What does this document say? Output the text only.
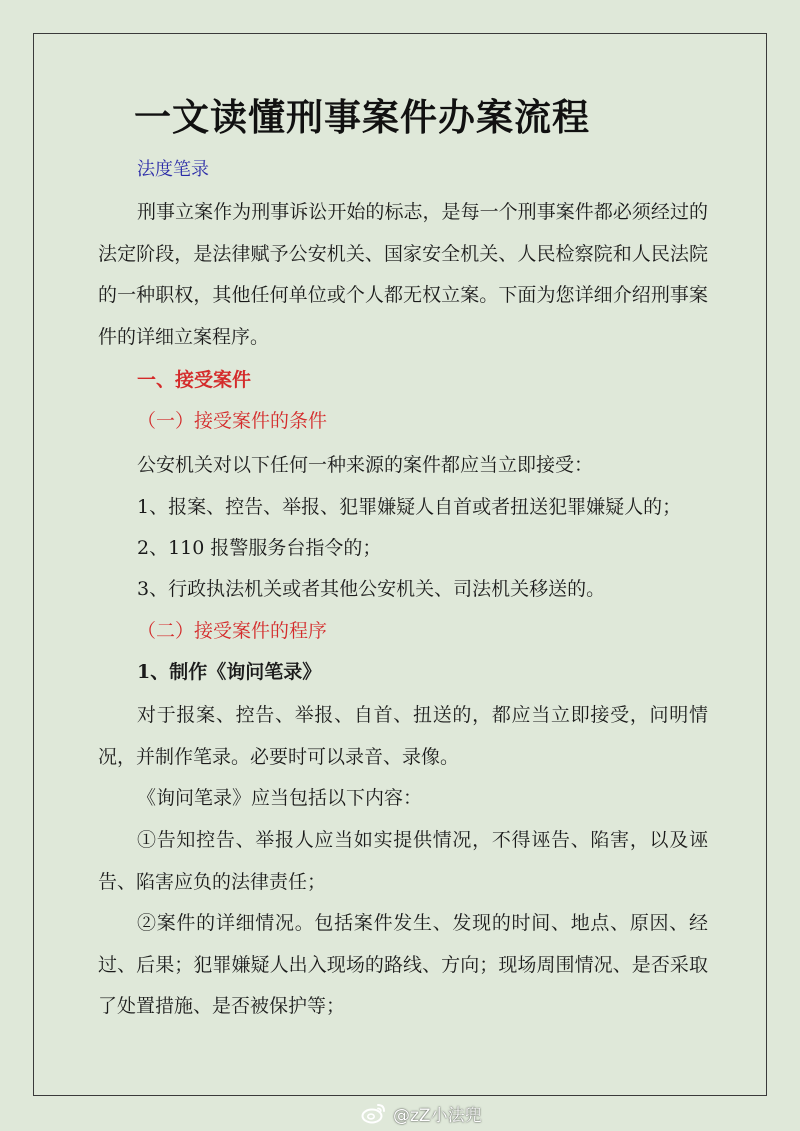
一文读懂刑事案件办案流程
法度笔录

刑事立案作为刑事诉讼开始的标志，是每一个刑事案件都必须经过的法定阶段，是法律赋予公安机关、国家安全机关、人民检察院和人民法院的一种职权，其他任何单位或个人都无权立案。下面为您详细介绍刑事案件的详细立案程序。

一、接受案件
（一）接受案件的条件
公安机关对以下任何一种来源的案件都应当立即接受：
1、报案、控告、举报、犯罪嫌疑人自首或者扭送犯罪嫌疑人的；
2、110 报警服务台指令的；
3、行政执法机关或者其他公安机关、司法机关移送的。
（二）接受案件的程序
1、制作《询问笔录》

对于报案、控告、举报、自首、扭送的，都应当立即接受，问明情况，并制作笔录。必要时可以录音、录像。

《询问笔录》应当包括以下内容：

①告知控告、举报人应当如实提供情况，不得诬告、陷害，以及诬告、陷害应负的法律责任；

②案件的详细情况。包括案件发生、发现的时间、地点、原因、经过、后果；犯罪嫌疑人出入现场的路线、方向；现场周围情况、是否采取了处置措施、是否被保护等；

@zZ小法兜
